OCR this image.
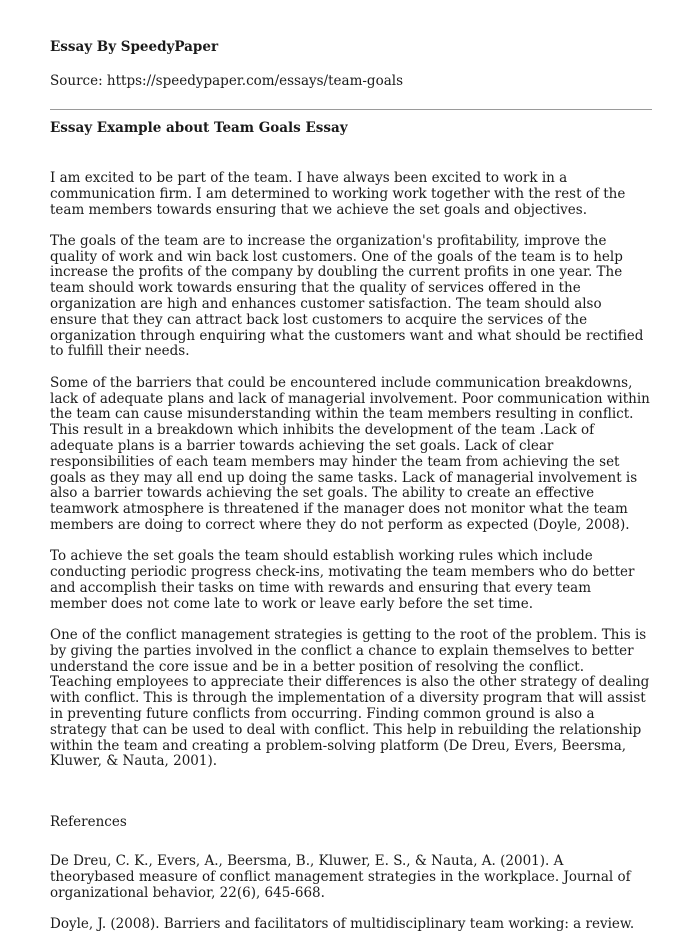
Essay By SpeedyPaper

Source: https://speedypaper.com/essays/team-goals

Essay Example about Team Goals Essay

I am excited to be part of the team. I have always been excited to work in a communication firm. I am determined to working work together with the rest of the team members towards ensuring that we achieve the set goals and objectives.

The goals of the team are to increase the organization's profitability, improve the quality of work and win back lost customers. One of the goals of the team is to help increase the profits of the company by doubling the current profits in one year. The team should work towards ensuring that the quality of services offered in the organization are high and enhances customer satisfaction. The team should also ensure that they can attract back lost customers to acquire the services of the organization through enquiring what the customers want and what should be rectified to fulfill their needs.

Some of the barriers that could be encountered include communication breakdowns, lack of adequate plans and lack of managerial involvement. Poor communication within the team can cause misunderstanding within the team members resulting in conflict. This result in a breakdown which inhibits the development of the team .Lack of adequate plans is a barrier towards achieving the set goals. Lack of clear responsibilities of each team members may hinder the team from achieving the set goals as they may all end up doing the same tasks. Lack of managerial involvement is also a barrier towards achieving the set goals. The ability to create an effective teamwork atmosphere is threatened if the manager does not monitor what the team members are doing to correct where they do not perform as expected (Doyle, 2008).

To achieve the set goals the team should establish working rules which include conducting periodic progress check-ins, motivating the team members who do better and accomplish their tasks on time with rewards and ensuring that every team member does not come late to work or leave early before the set time.

One of the conflict management strategies is getting to the root of the problem. This is by giving the parties involved in the conflict a chance to explain themselves to better understand the core issue and be in a better position of resolving the conflict. Teaching employees to appreciate their differences is also the other strategy of dealing with conflict. This is through the implementation of a diversity program that will assist in preventing future conflicts from occurring. Finding common ground is also a strategy that can be used to deal with conflict. This help in rebuilding the relationship within the team and creating a problem-solving platform (De Dreu, Evers, Beersma, Kluwer, & Nauta, 2001).

References

De Dreu, C. K., Evers, A., Beersma, B., Kluwer, E. S., & Nauta, A. (2001). A theorybased measure of conflict management strategies in the workplace. Journal of organizational behavior, 22(6), 645-668.

Doyle, J. (2008). Barriers and facilitators of multidisciplinary team working: a review.
